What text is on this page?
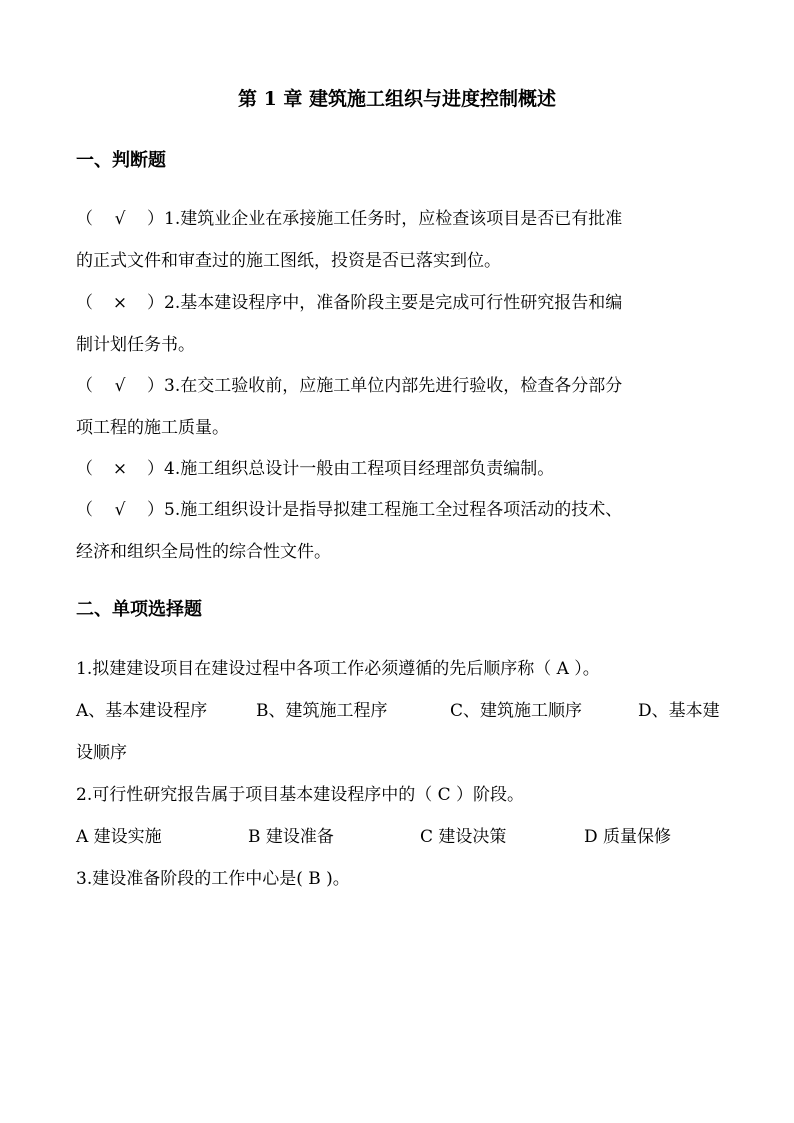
第 1 章 建筑施工组织与进度控制概述
一、判断题
（ √ ）1.建筑业企业在承接施工任务时，应检查该项目是否已有批准
的正式文件和审查过的施工图纸，投资是否已落实到位。
（ × ）2.基本建设程序中，准备阶段主要是完成可行性研究报告和编
制计划任务书。
（ √ ）3.在交工验收前，应施工单位内部先进行验收，检查各分部分
项工程的施工质量。
（ × ）4.施工组织总设计一般由工程项目经理部负责编制。
（ √ ）5.施工组织设计是指导拟建工程施工全过程各项活动的技术、
经济和组织全局性的综合性文件。
二、单项选择题
1.拟建建设项目在建设过程中各项工作必须遵循的先后顺序称（ A ）。
A、基本建设程序	B、建筑施工程序	C、建筑施工顺序	D、基本建
设顺序
2.可行性研究报告属于项目基本建设程序中的（ C ）阶段。
A 建设实施	B 建设准备	C 建设决策	D 质量保修
3.建设准备阶段的工作中心是( B )。
